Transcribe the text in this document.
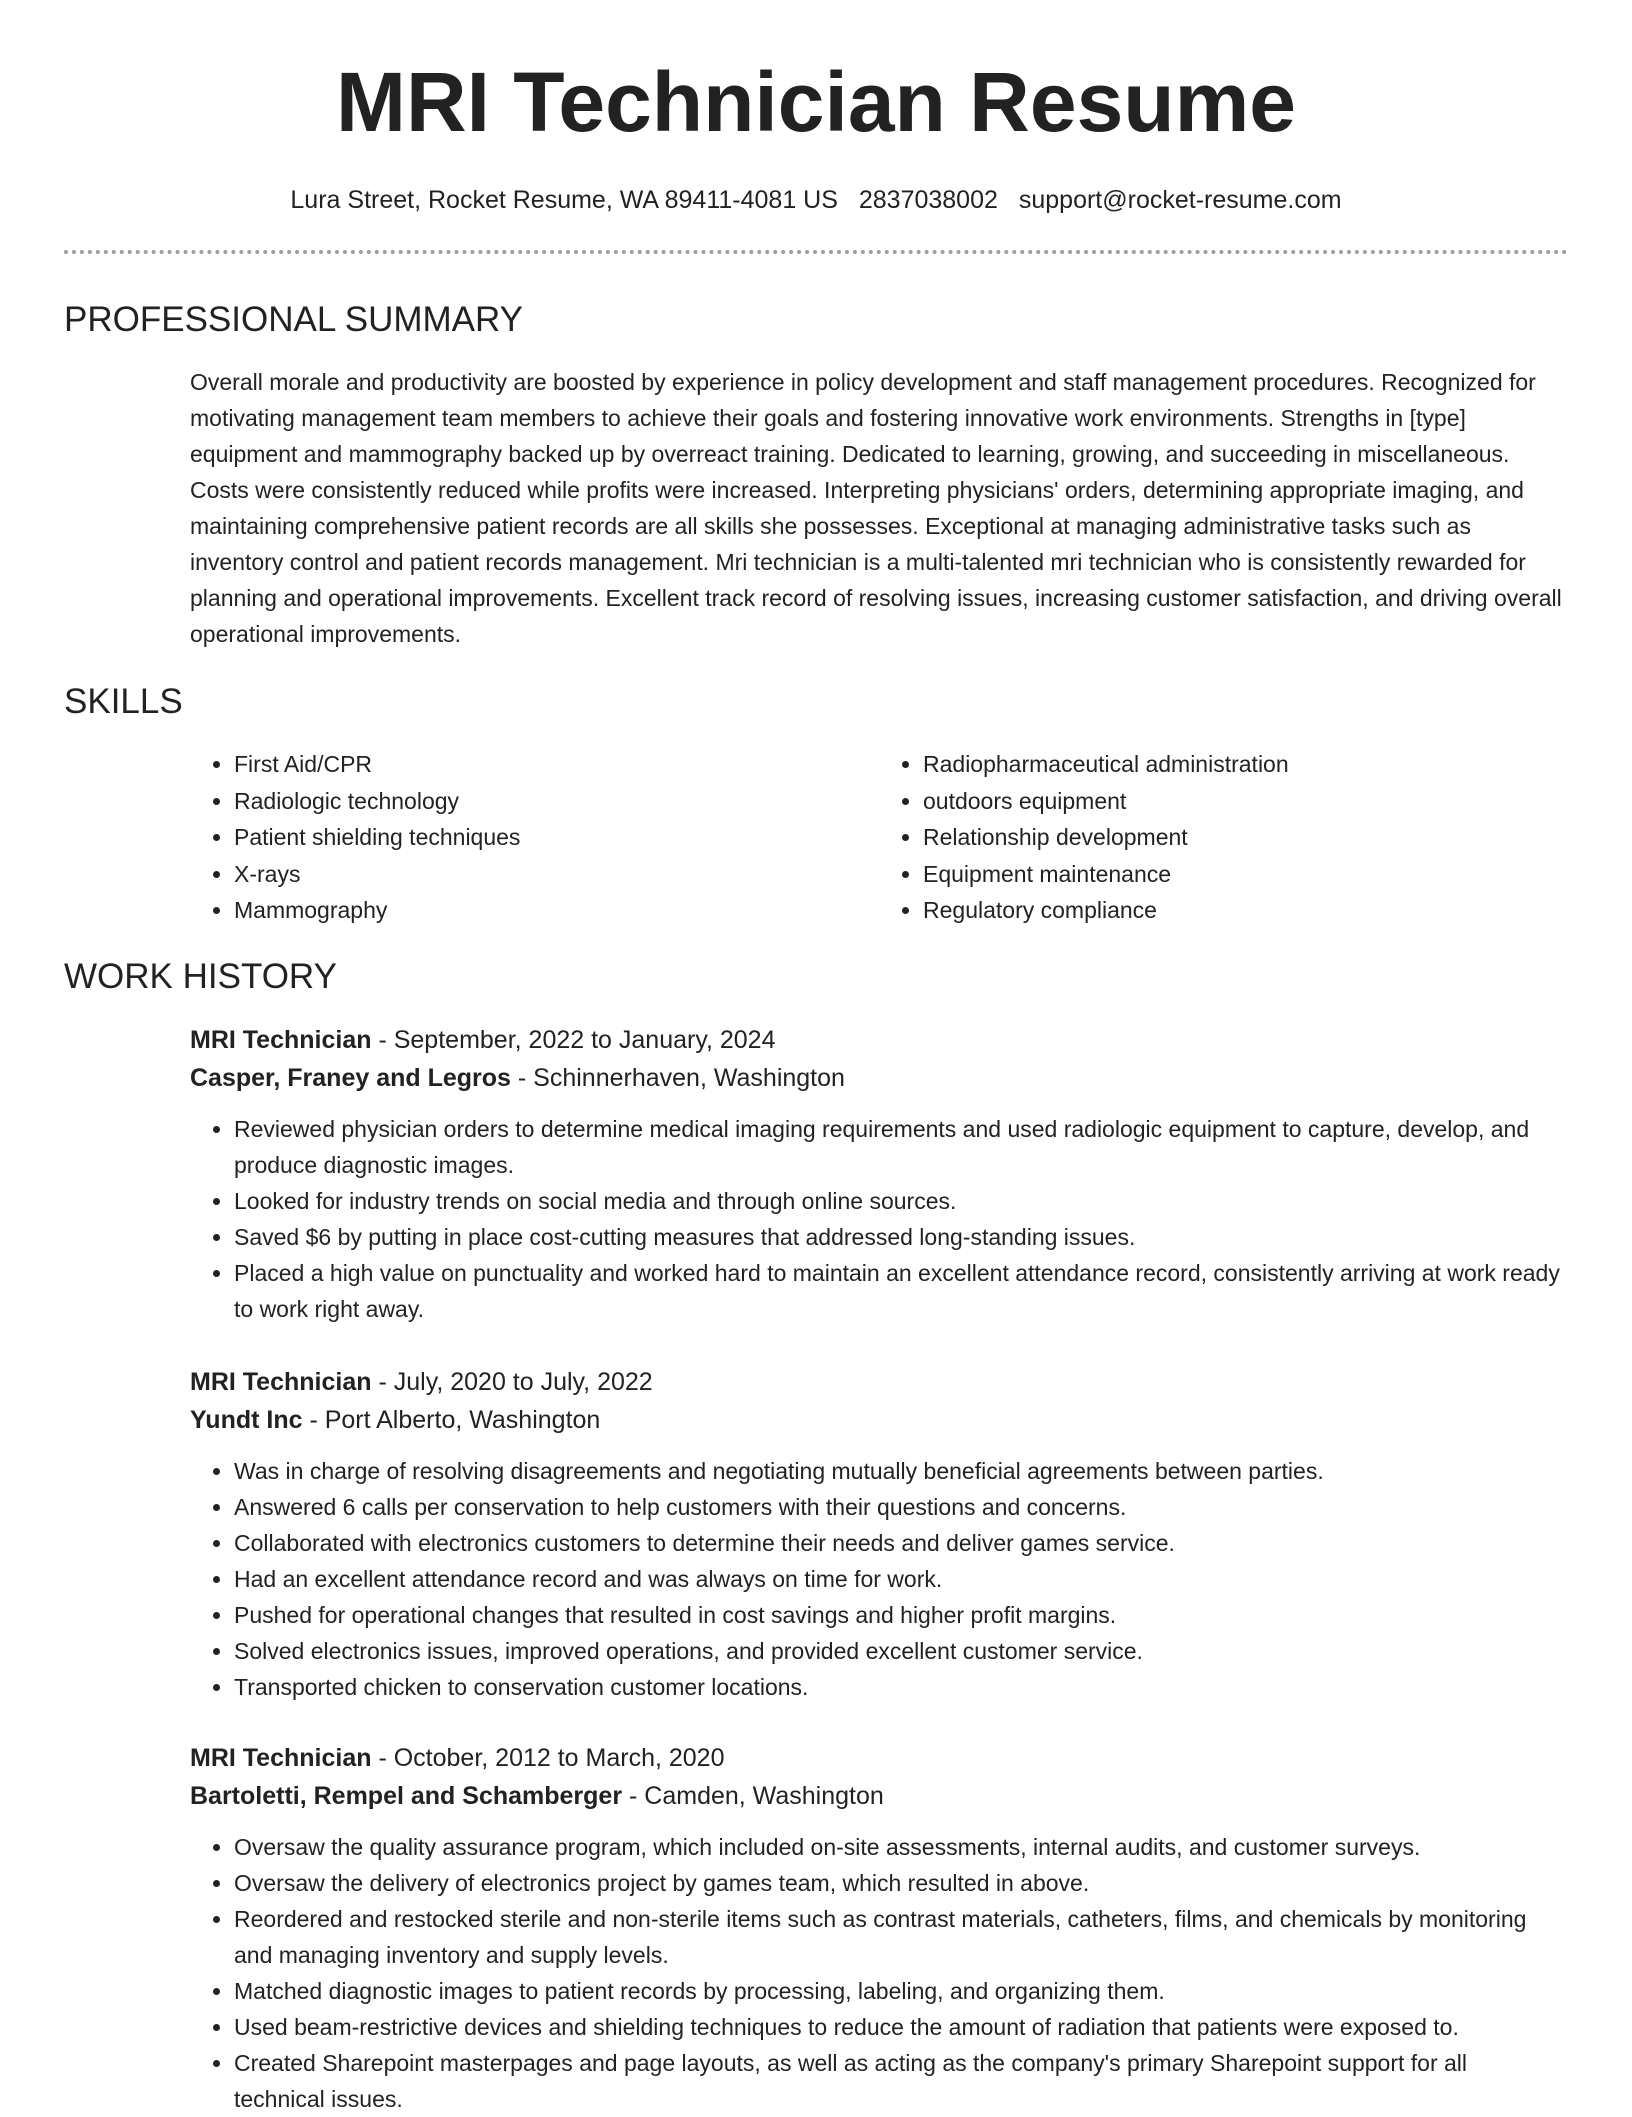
MRI Technician Resume
Lura Street, Rocket Resume, WA 89411-4081 US 2837038002 support@rocket-resume.com
PROFESSIONAL SUMMARY
Overall morale and productivity are boosted by experience in policy development and staff management procedures. Recognized for motivating management team members to achieve their goals and fostering innovative work environments. Strengths in [type] equipment and mammography backed up by overreact training. Dedicated to learning, growing, and succeeding in miscellaneous. Costs were consistently reduced while profits were increased. Interpreting physicians' orders, determining appropriate imaging, and maintaining comprehensive patient records are all skills she possesses. Exceptional at managing administrative tasks such as inventory control and patient records management. Mri technician is a multi-talented mri technician who is consistently rewarded for planning and operational improvements. Excellent track record of resolving issues, increasing customer satisfaction, and driving overall operational improvements.
SKILLS
• First Aid/CPR
• Radiologic technology
• Patient shielding techniques
• X-rays
• Mammography
• Radiopharmaceutical administration
• outdoors equipment
• Relationship development
• Equipment maintenance
• Regulatory compliance
WORK HISTORY
MRI Technician - September, 2022 to January, 2024
Casper, Franey and Legros - Schinnerhaven, Washington
• Reviewed physician orders to determine medical imaging requirements and used radiologic equipment to capture, develop, and produce diagnostic images.
• Looked for industry trends on social media and through online sources.
• Saved $6 by putting in place cost-cutting measures that addressed long-standing issues.
• Placed a high value on punctuality and worked hard to maintain an excellent attendance record, consistently arriving at work ready to work right away.
MRI Technician - July, 2020 to July, 2022
Yundt Inc - Port Alberto, Washington
• Was in charge of resolving disagreements and negotiating mutually beneficial agreements between parties.
• Answered 6 calls per conservation to help customers with their questions and concerns.
• Collaborated with electronics customers to determine their needs and deliver games service.
• Had an excellent attendance record and was always on time for work.
• Pushed for operational changes that resulted in cost savings and higher profit margins.
• Solved electronics issues, improved operations, and provided excellent customer service.
• Transported chicken to conservation customer locations.
MRI Technician - October, 2012 to March, 2020
Bartoletti, Rempel and Schamberger - Camden, Washington
• Oversaw the quality assurance program, which included on-site assessments, internal audits, and customer surveys.
• Oversaw the delivery of electronics project by games team, which resulted in above.
• Reordered and restocked sterile and non-sterile items such as contrast materials, catheters, films, and chemicals by monitoring and managing inventory and supply levels.
• Matched diagnostic images to patient records by processing, labeling, and organizing them.
• Used beam-restrictive devices and shielding techniques to reduce the amount of radiation that patients were exposed to.
• Created Sharepoint masterpages and page layouts, as well as acting as the company's primary Sharepoint support for all technical issues.
